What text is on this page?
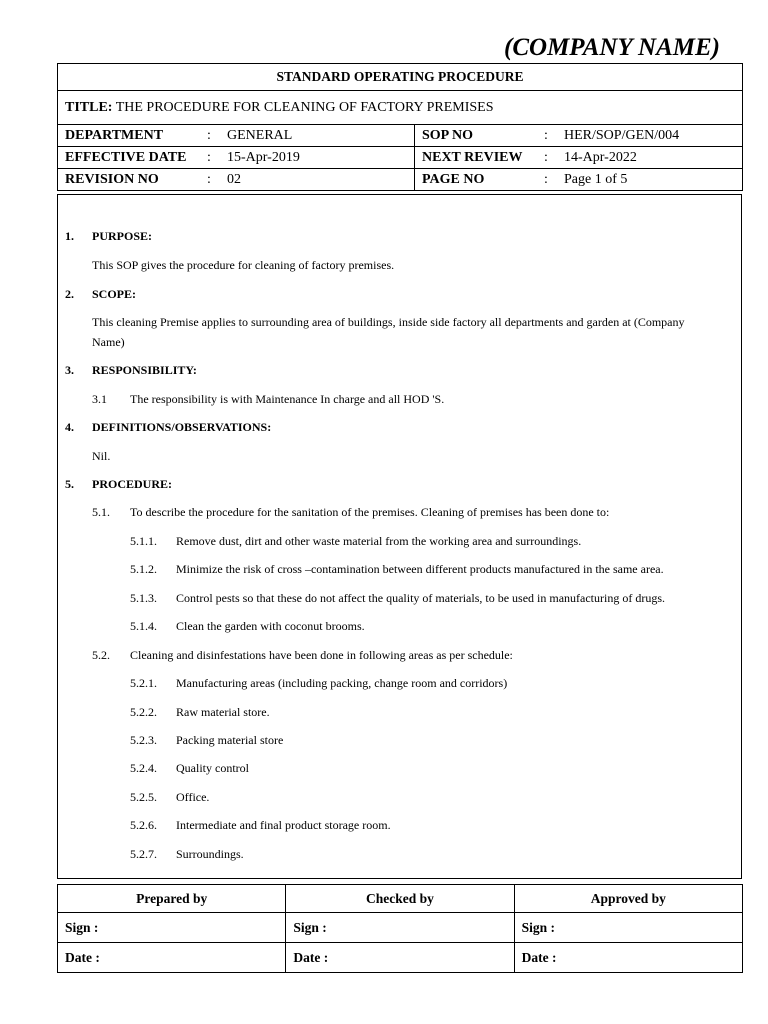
(COMPANY NAME)
STANDARD OPERATING PROCEDURE	
TITLE: THE PROCEDURE FOR CLEANING OF FACTORY PREMISES	

DEPARTMENT : GENERAL	SOP NO : HER/SOP/GEN/004

EFFECTIVE DATE : 15-Apr-2019	NEXT REVIEW : 14-Apr-2022

REVISION NO : 02	PAGE NO : Page 1 of 5
1. PURPOSE:
This SOP gives the procedure for cleaning of factory premises.
2. SCOPE:
This cleaning Premise applies to surrounding area of buildings, inside side factory all departments and garden at (Company
Name)
3. RESPONSIBILITY:
3.1 The responsibility is with Maintenance In charge and all HOD 'S.
4. DEFINITIONS/OBSERVATIONS:
Nil.
5. PROCEDURE:
5.1. To describe the procedure for the sanitation of the premises. Cleaning of premises has been done to:
5.1.1. Remove dust, dirt and other waste material from the working area and surroundings.
5.1.2. Minimize the risk of cross –contamination between different products manufactured in the same area.
5.1.3. Control pests so that these do not affect the quality of materials, to be used in manufacturing of drugs.
5.1.4. Clean the garden with coconut brooms.
5.2. Cleaning and disinfestations have been done in following areas as per schedule:
5.2.1. Manufacturing areas (including packing, change room and corridors)
5.2.2. Raw material store.
5.2.3. Packing material store
5.2.4. Quality control
5.2.5. Office.
5.2.6. Intermediate and final product storage room.
5.2.7. Surroundings.
Prepared by	Checked by	Approved by
Sign :	Sign :	Sign :
Date :	Date :	Date :
